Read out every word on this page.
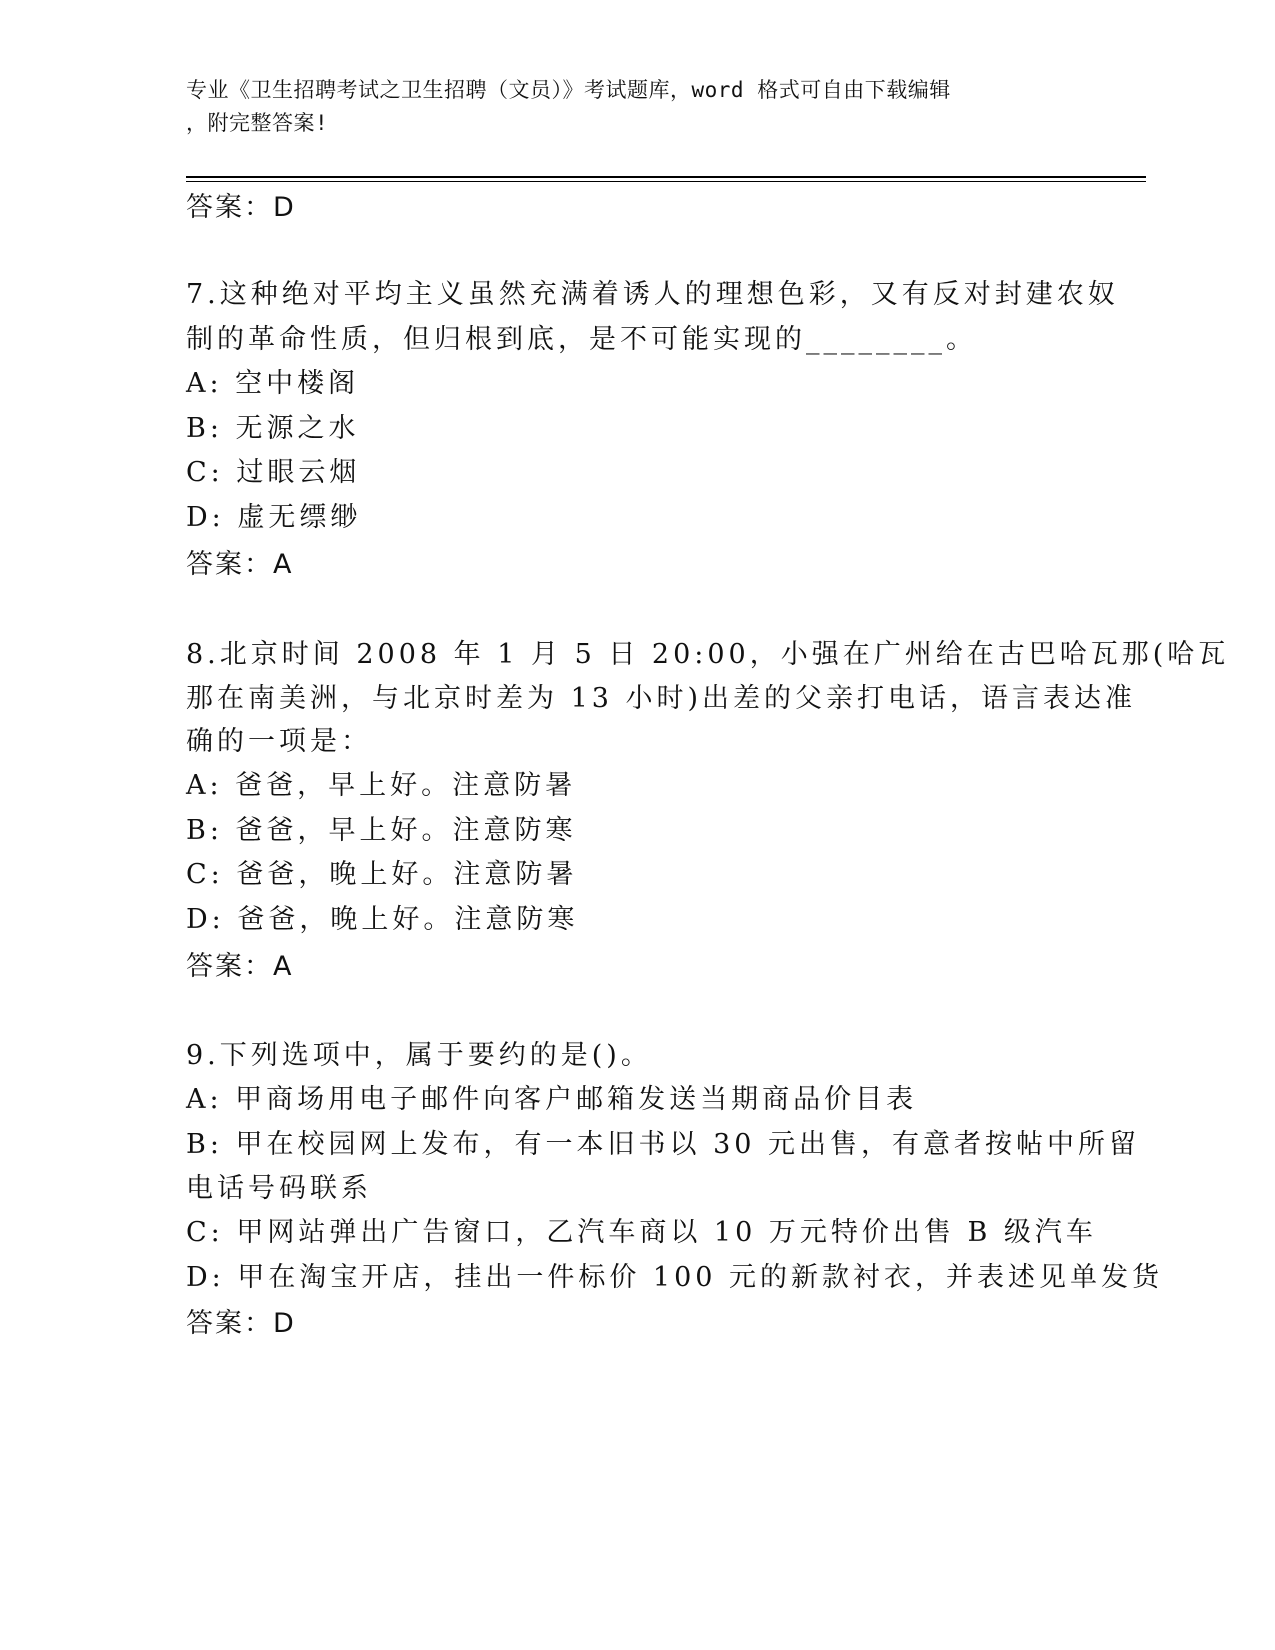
专业《卫生招聘考试之卫生招聘（文员）》考试题库，word 格式可自由下载编辑
，附完整答案!
答案：D
7.这种绝对平均主义虽然充满着诱人的理想色彩，又有反对封建农奴
制的革命性质，但归根到底，是不可能实现的________。
A: 空中楼阁
B: 无源之水
C: 过眼云烟
D: 虚无缥缈
答案：A
8.北京时间 2008 年 1 月 5 日 20:00，小强在广州给在古巴哈瓦那(哈瓦
那在南美洲，与北京时差为 13 小时)出差的父亲打电话，语言表达准
确的一项是：
A: 爸爸，早上好。注意防暑
B: 爸爸，早上好。注意防寒
C: 爸爸，晚上好。注意防暑
D: 爸爸，晚上好。注意防寒
答案：A
9.下列选项中，属于要约的是()。
A: 甲商场用电子邮件向客户邮箱发送当期商品价目表
B: 甲在校园网上发布，有一本旧书以 30 元出售，有意者按帖中所留
电话号码联系
C: 甲网站弹出广告窗口，乙汽车商以 10 万元特价出售 B 级汽车
D: 甲在淘宝开店，挂出一件标价 100 元的新款衬衣，并表述见单发货
答案：D
